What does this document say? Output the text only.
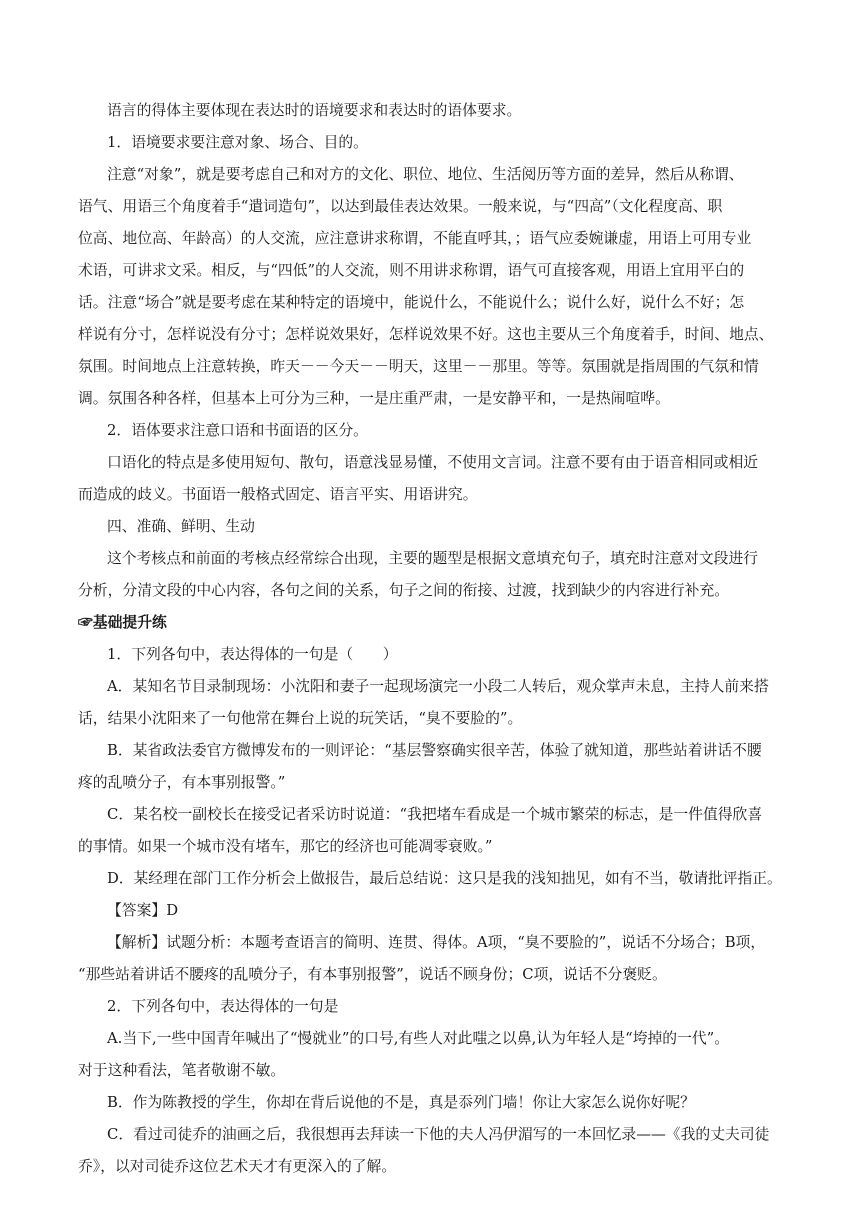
语言的得体主要体现在表达时的语境要求和表达时的语体要求。
1．语境要求要注意对象、场合、目的。
注意“对象”，就是要考虑自己和对方的文化、职位、地位、生活阅历等方面的差异，然后从称谓、
语气、用语三个角度着手“遣词造句”，以达到最佳表达效果。一般来说，与“四高”（文化程度高、职
位高、地位高、年龄高）的人交流，应注意讲求称谓，不能直呼其，；语气应委婉谦虚，用语上可用专业
术语，可讲求文采。相反，与“四低”的人交流，则不用讲求称谓，语气可直接客观，用语上宜用平白的
话。注意“场合”就是要考虑在某种特定的语境中，能说什么，不能说什么；说什么好，说什么不好；怎
样说有分寸，怎样说没有分寸；怎样说效果好，怎样说效果不好。这也主要从三个角度着手，时间、地点、
氛围。时间地点上注意转换，昨天－－今天－－明天，这里－－那里。等等。氛围就是指周围的气氛和情
调。氛围各种各样，但基本上可分为三种，一是庄重严肃，一是安静平和，一是热闹喧哗。
2．语体要求注意口语和书面语的区分。
口语化的特点是多使用短句、散句，语意浅显易懂，不使用文言词。注意不要有由于语音相同或相近
而造成的歧义。书面语一般格式固定、语言平实、用语讲究。
四、准确、鲜明、生动
这个考核点和前面的考核点经常综合出现，主要的题型是根据文意填充句子，填充时注意对文段进行
分析，分清文段的中心内容，各句之间的关系，句子之间的衔接、过渡，找到缺少的内容进行补充。
☞基础提升练
1．下列各句中，表达得体的一句是（　　）
A．某知名节目录制现场：小沈阳和妻子一起现场演完一小段二人转后，观众掌声未息，主持人前来搭
话，结果小沈阳来了一句他常在舞台上说的玩笑话，“臭不要脸的”。
B．某省政法委官方微博发布的一则评论：“基层警察确实很辛苦，体验了就知道，那些站着讲话不腰
疼的乱喷分子，有本事别报警。”
C．某名校一副校长在接受记者采访时说道：“我把堵车看成是一个城市繁荣的标志，是一件值得欣喜
的事情。如果一个城市没有堵车，那它的经济也可能凋零衰败。”
D．某经理在部门工作分析会上做报告，最后总结说：这只是我的浅知拙见，如有不当，敬请批评指正。
【答案】D
【解析】试题分析：本题考查语言的简明、连贯、得体。A项，“臭不要脸的”，说话不分场合；B项，
“那些站着讲话不腰疼的乱喷分子，有本事别报警”，说话不顾身份；C项，说话不分褒贬。
2．下列各句中，表达得体的一句是
A.当下,一些中国青年喊出了“慢就业”的口号,有些人对此嗤之以鼻,认为年轻人是“垮掉的一代”。
对于这种看法，笔者敬谢不敏。
B．作为陈教授的学生，你却在背后说他的不是，真是忝列门墙！你让大家怎么说你好呢？
C．看过司徒乔的油画之后，我很想再去拜读一下他的夫人冯伊湄写的一本回忆录——《我的丈夫司徒
乔》，以对司徒乔这位艺术天才有更深入的了解。
